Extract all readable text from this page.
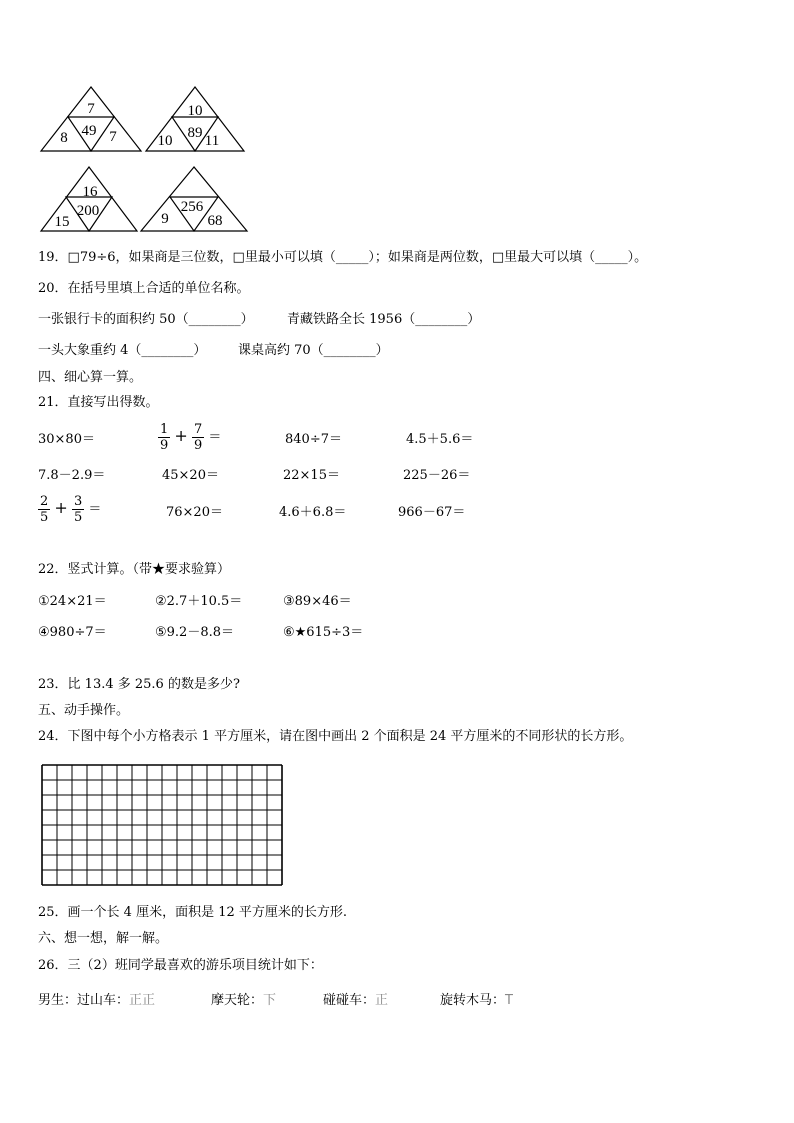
7
49
8	7
10
89
10 11
16
200
15
256
9	68
19．□79÷6，如果商是三位数，□里最小可以填（_____）；如果商是两位数，□里最大可以填（_____）。
20．在括号里填上合适的单位名称。
一张银行卡的面积约 50（________）	青藏铁路全长 1956（________）
一头大象重约 4（________） 课桌高约 70（________）
四、细心算一算。
21．直接写出得数。
30×80＝	$\frac{1}{9} + \frac{7}{9}$ ＝	840÷7＝	4.5＋5.6＝
7.8－2.9＝	45×20＝	22×15＝	225－26＝
$\frac{2}{5} + \frac{3}{5}$ ＝	76×20＝	4.6＋6.8＝	966－67＝
22．竖式计算。（带★要求验算）
①24×21＝	②2.7＋10.5＝	③89×46＝
④980÷7＝	⑤9.2－8.8＝	⑥★615÷3＝
23．比 13.4 多 25.6 的数是多少?
五、动手操作。
24．下图中每个小方格表示 1 平方厘米，请在图中画出 2 个面积是 24 平方厘米的不同形状的长方形。
25．画一个长 4 厘米，面积是 12 平方厘米的长方形.
六、想一想，解一解。
26．三（2）班同学最喜欢的游乐项目统计如下：
男生：过山车：正正	摩天轮：下	碰碰车：正	旋转木马：T
